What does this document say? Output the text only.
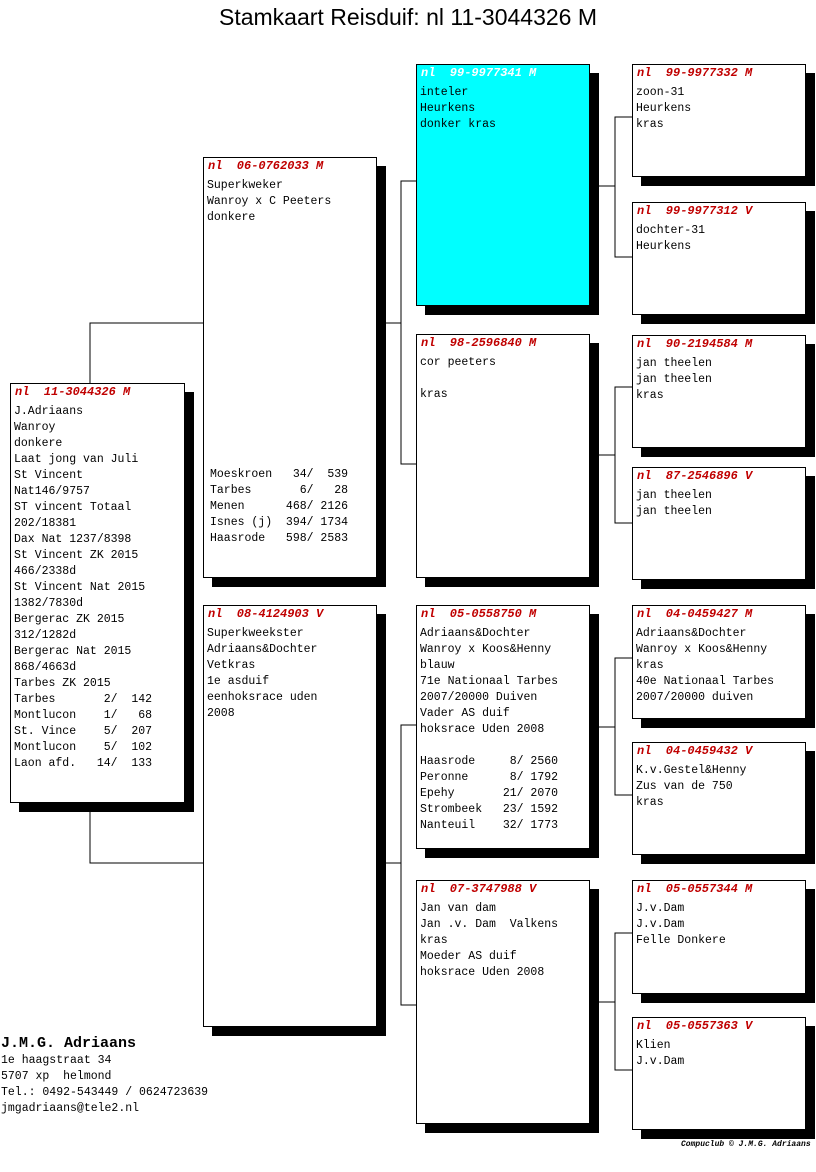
Stamkaart Reisduif: nl 11-3044326 M
nl  11-3044326 M
J.Adriaans
Wanroy
donkere
Laat jong van Juli
St Vincent
Nat146/9757
ST vincent Totaal
202/18381
Dax Nat 1237/8398
St Vincent ZK 2015
466/2338d
St Vincent Nat 2015
1382/7830d
Bergerac ZK 2015
312/1282d
Bergerac Nat 2015
868/4663d
Tarbes ZK 2015
Tarbes       2/  142
Montlucon    1/   68
St. Vince    5/  207
Montlucon    5/  102
Laon afd.   14/  133
nl  06-0762033 M
Superkweker
Wanroy x C Peeters
donkere
Moeskroen   34/  539
Tarbes       6/   28
Menen      468/ 2126
Isnes (j)  394/ 1734
Haasrode   598/ 2583
nl  08-4124903 V
Superkweekster
Adriaans&Dochter
Vetkras
1e asduif
eenhoksrace uden
2008
nl  99-9977341 M
inteler
Heurkens
donker kras
nl  98-2596840 M
cor peeters

kras
nl  05-0558750 M
Adriaans&Dochter
Wanroy x Koos&Henny
blauw
71e Nationaal Tarbes
2007/20000 Duiven
Vader AS duif
hoksrace Uden 2008

Haasrode     8/ 2560
Peronne      8/ 1792
Epehy       21/ 2070
Strombeek   23/ 1592
Nanteuil    32/ 1773
nl  07-3747988 V
Jan van dam
Jan .v. Dam  Valkens
kras
Moeder AS duif
hoksrace Uden 2008
nl  99-9977332 M
zoon-31
Heurkens
kras
nl  99-9977312 V
dochter-31
Heurkens
nl  90-2194584 M
jan theelen
jan theelen
kras
nl  87-2546896 V
jan theelen
jan theelen
nl  04-0459427 M
Adriaans&Dochter
Wanroy x Koos&Henny
kras
40e Nationaal Tarbes
2007/20000 duiven
nl  04-0459432 V
K.v.Gestel&Henny
Zus van de 750
kras
nl  05-0557344 M
J.v.Dam
J.v.Dam
Felle Donkere
nl  05-0557363 V
Klien
J.v.Dam
J.M.G. Adriaans
1e haagstraat 34
5707 xp  helmond
Tel.: 0492-543449 / 0624723639
jmgadriaans@tele2.nl
Compuclub © J.M.G. Adriaans
